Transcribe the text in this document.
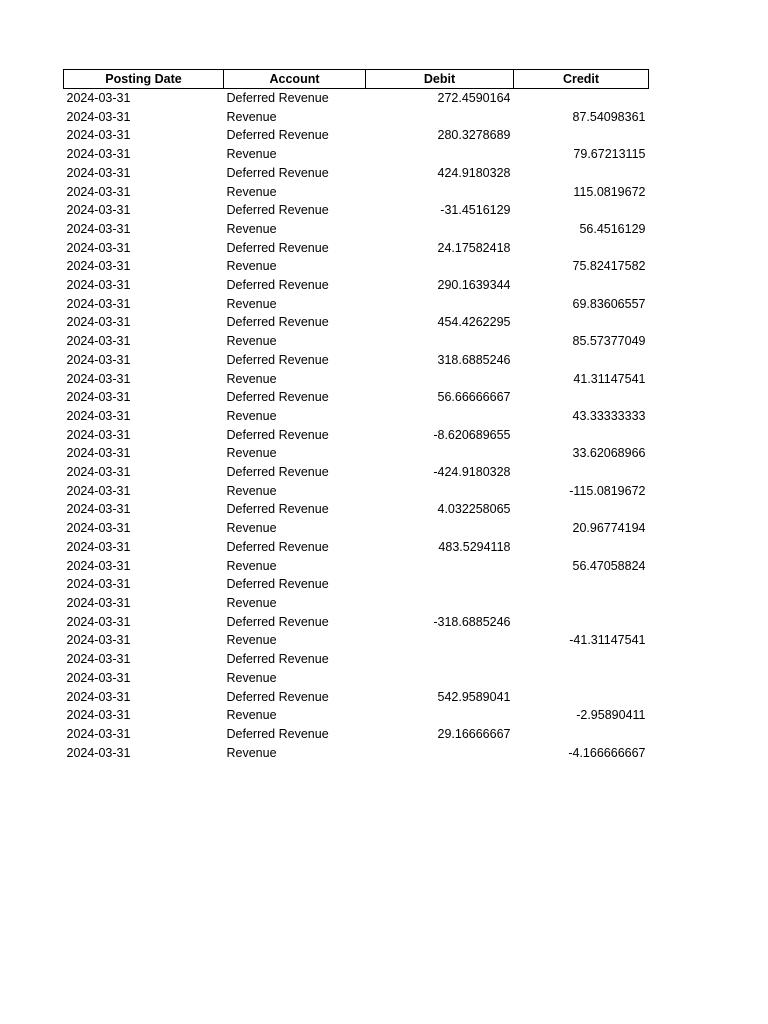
Posting Date	Account	Debit	Credit
2024-03-31	Deferred Revenue	272.4590164	
2024-03-31	Revenue		87.54098361
2024-03-31	Deferred Revenue	280.3278689	
2024-03-31	Revenue		79.67213115
2024-03-31	Deferred Revenue	424.9180328	
2024-03-31	Revenue		115.0819672
2024-03-31	Deferred Revenue	-31.4516129	
2024-03-31	Revenue		56.4516129
2024-03-31	Deferred Revenue	24.17582418	
2024-03-31	Revenue		75.82417582
2024-03-31	Deferred Revenue	290.1639344	
2024-03-31	Revenue		69.83606557
2024-03-31	Deferred Revenue	454.4262295	
2024-03-31	Revenue		85.57377049
2024-03-31	Deferred Revenue	318.6885246	
2024-03-31	Revenue		41.31147541
2024-03-31	Deferred Revenue	56.66666667	
2024-03-31	Revenue		43.33333333
2024-03-31	Deferred Revenue	-8.620689655	
2024-03-31	Revenue		33.62068966
2024-03-31	Deferred Revenue	-424.9180328	
2024-03-31	Revenue		-115.0819672
2024-03-31	Deferred Revenue	4.032258065	
2024-03-31	Revenue		20.96774194
2024-03-31	Deferred Revenue	483.5294118	
2024-03-31	Revenue		56.47058824
2024-03-31	Deferred Revenue		
2024-03-31	Revenue		
2024-03-31	Deferred Revenue	-318.6885246	
2024-03-31	Revenue		-41.31147541
2024-03-31	Deferred Revenue		
2024-03-31	Revenue		
2024-03-31	Deferred Revenue	542.9589041	
2024-03-31	Revenue		-2.95890411
2024-03-31	Deferred Revenue	29.16666667	
2024-03-31	Revenue		-4.166666667
